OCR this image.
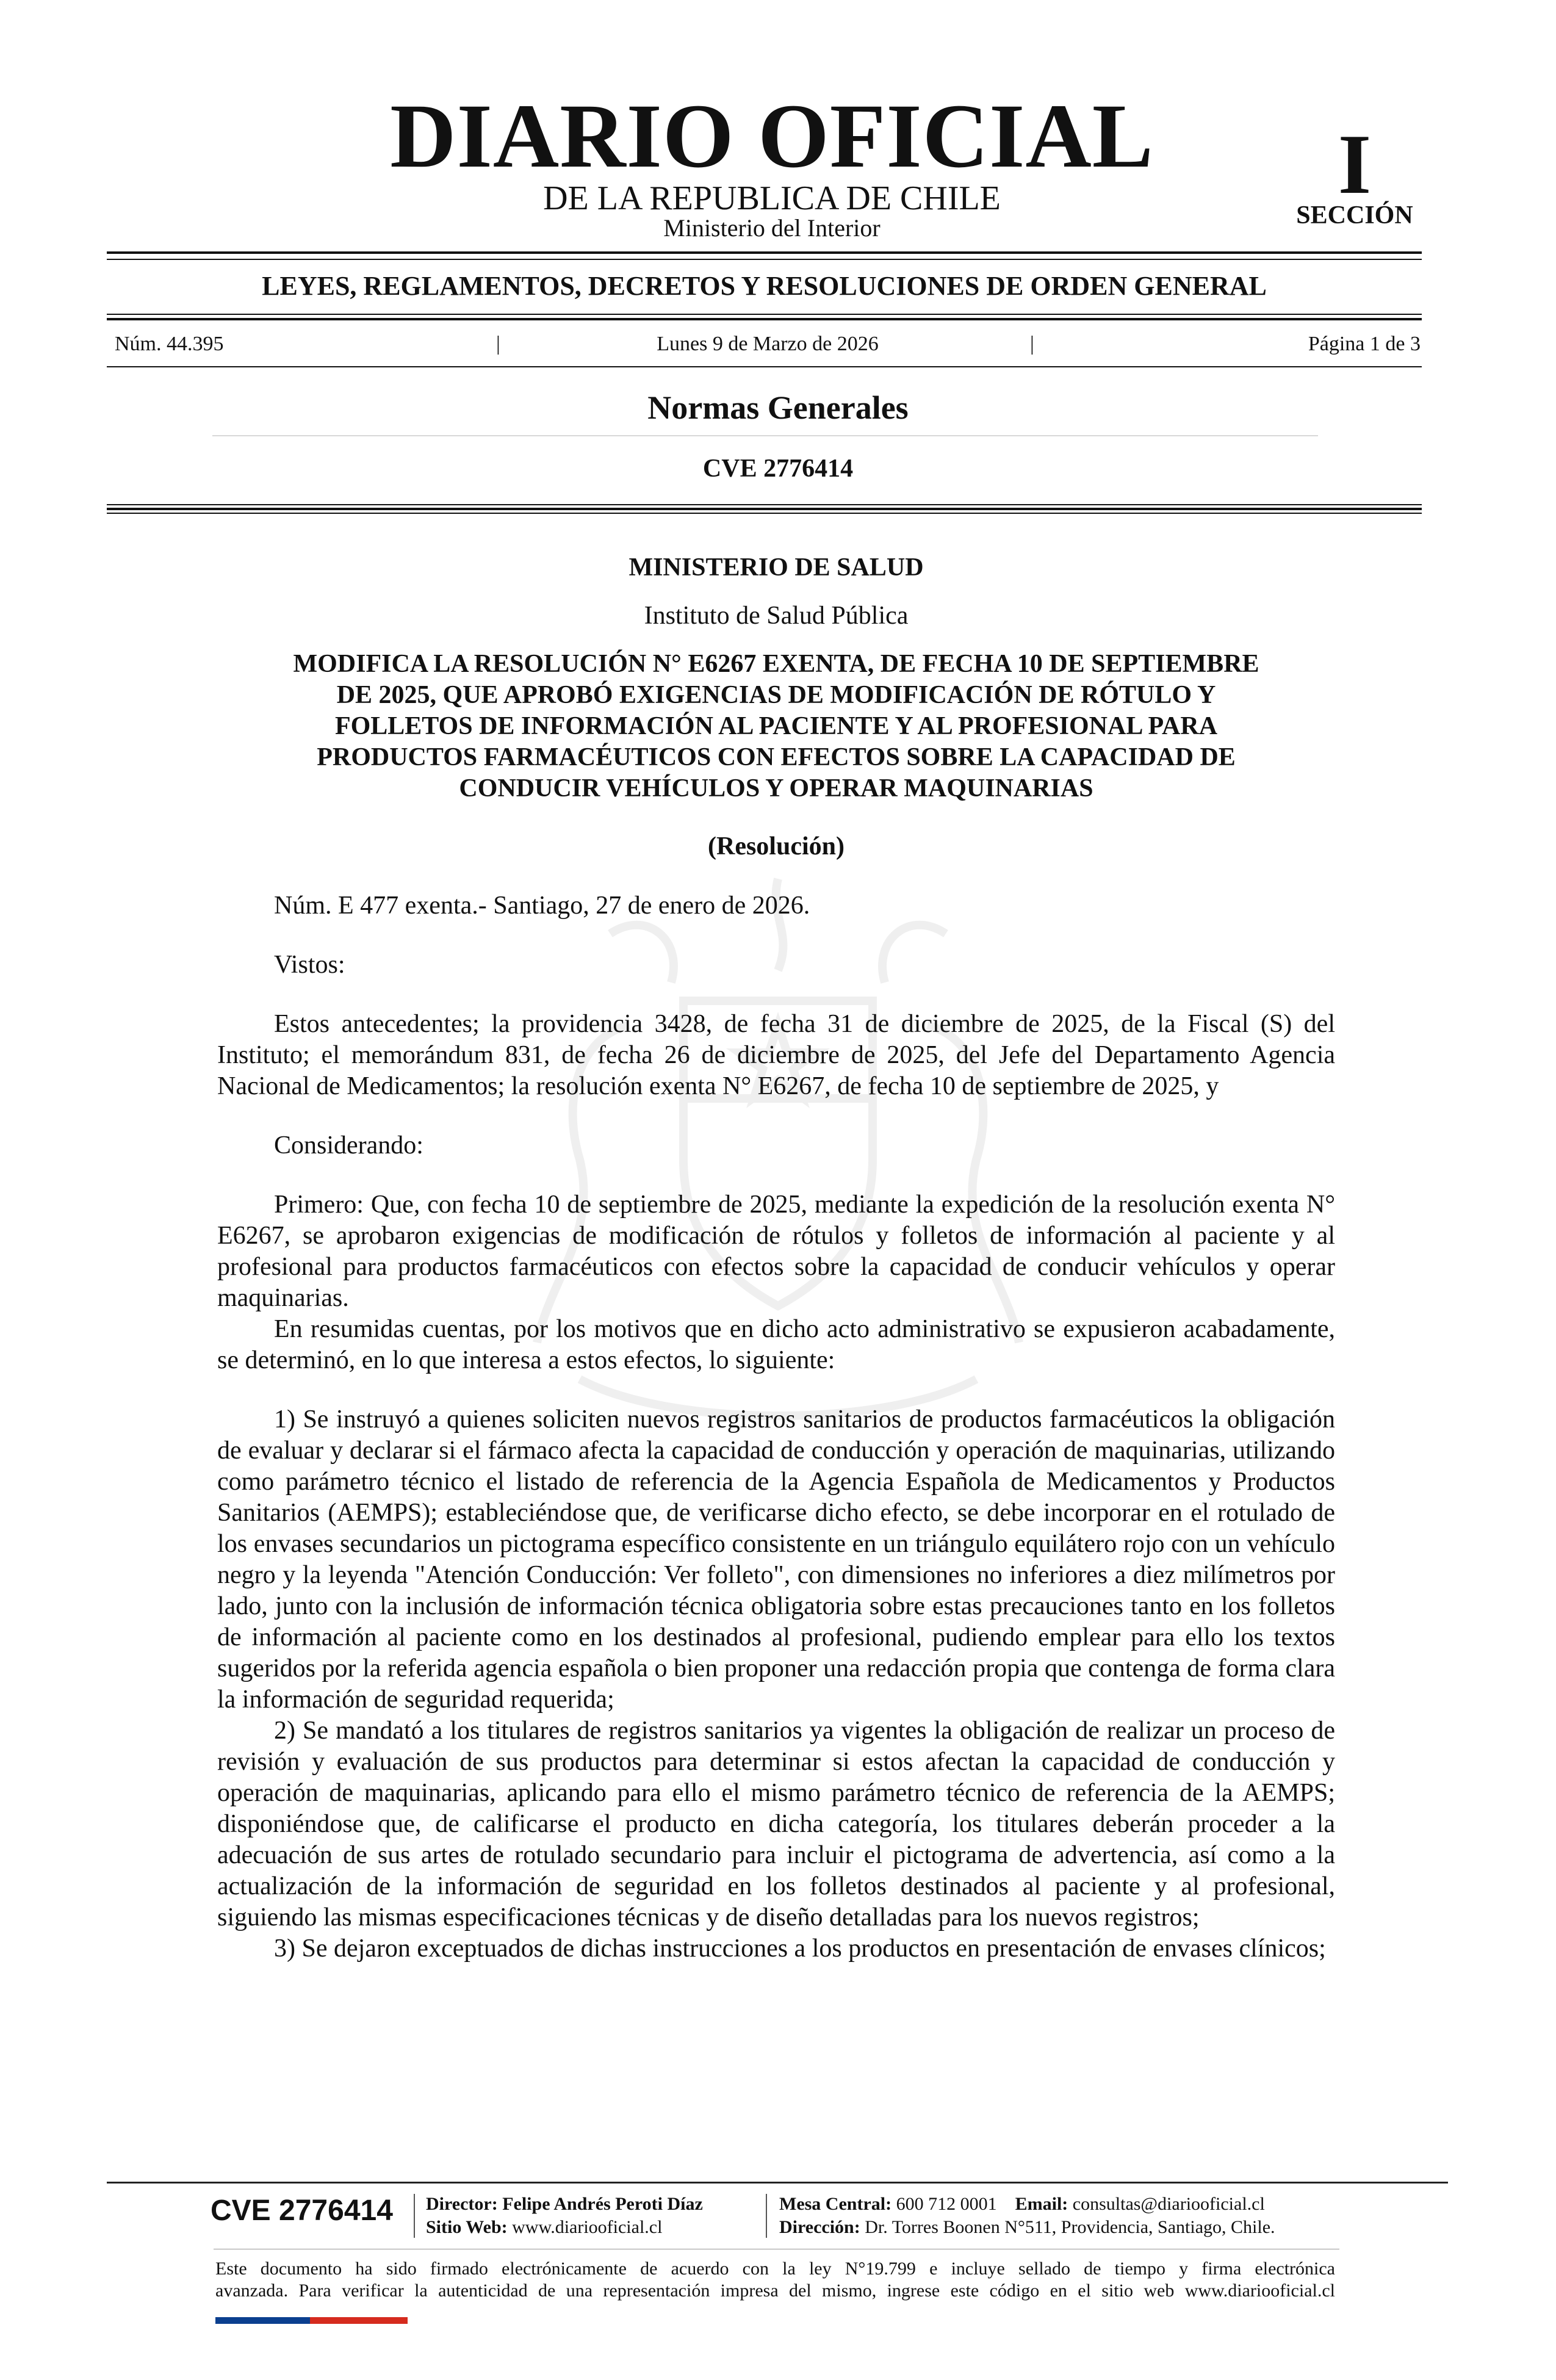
DIARIO OFICIAL
DE LA REPUBLICA DE CHILE
Ministerio del Interior
I
SECCIÓN
LEYES, REGLAMENTOS, DECRETOS Y RESOLUCIONES DE ORDEN GENERAL
Núm. 44.395	|	Lunes 9 de Marzo de 2026	|	Página 1 de 3
Normas Generales
CVE 2776414
MINISTERIO DE SALUD
Instituto de Salud Pública
MODIFICA LA RESOLUCIÓN N° E6267 EXENTA, DE FECHA 10 DE SEPTIEMBRE
DE 2025, QUE APROBÓ EXIGENCIAS DE MODIFICACIÓN DE RÓTULO Y
FOLLETOS DE INFORMACIÓN AL PACIENTE Y AL PROFESIONAL PARA
PRODUCTOS FARMACÉUTICOS CON EFECTOS SOBRE LA CAPACIDAD DE
CONDUCIR VEHÍCULOS Y OPERAR MAQUINARIAS
(Resolución)

Núm. E 477 exenta.- Santiago, 27 de enero de 2026.

Vistos:

Estos antecedentes; la providencia 3428, de fecha 31 de diciembre de 2025, de la Fiscal (S) del Instituto; el memorándum 831, de fecha 26 de diciembre de 2025, del Jefe del Departamento Agencia Nacional de Medicamentos; la resolución exenta N° E6267, de fecha 10 de septiembre de 2025, y

Considerando:

Primero: Que, con fecha 10 de septiembre de 2025, mediante la expedición de la resolución exenta N° E6267, se aprobaron exigencias de modificación de rótulos y folletos de información al paciente y al profesional para productos farmacéuticos con efectos sobre la capacidad de conducir vehículos y operar maquinarias.

En resumidas cuentas, por los motivos que en dicho acto administrativo se expusieron acabadamente, se determinó, en lo que interesa a estos efectos, lo siguiente:

1) Se instruyó a quienes soliciten nuevos registros sanitarios de productos farmacéuticos la obligación de evaluar y declarar si el fármaco afecta la capacidad de conducción y operación de maquinarias, utilizando como parámetro técnico el listado de referencia de la Agencia Española de Medicamentos y Productos Sanitarios (AEMPS); estableciéndose que, de verificarse dicho efecto, se debe incorporar en el rotulado de los envases secundarios un pictograma específico consistente en un triángulo equilátero rojo con un vehículo negro y la leyenda "Atención Conducción: Ver folleto", con dimensiones no inferiores a diez milímetros por lado, junto con la inclusión de información técnica obligatoria sobre estas precauciones tanto en los folletos de información al paciente como en los destinados al profesional, pudiendo emplear para ello los textos sugeridos por la referida agencia española o bien proponer una redacción propia que contenga de forma clara la información de seguridad requerida;

2) Se mandató a los titulares de registros sanitarios ya vigentes la obligación de realizar un proceso de revisión y evaluación de sus productos para determinar si estos afectan la capacidad de conducción y operación de maquinarias, aplicando para ello el mismo parámetro técnico de referencia de la AEMPS; disponiéndose que, de calificarse el producto en dicha categoría, los titulares deberán proceder a la adecuación de sus artes de rotulado secundario para incluir el pictograma de advertencia, así como a la actualización de la información de seguridad en los folletos destinados al paciente y al profesional, siguiendo las mismas especificaciones técnicas y de diseño detalladas para los nuevos registros;

3) Se dejaron exceptuados de dichas instrucciones a los productos en presentación de envases clínicos;

CVE 2776414 Director: Felipe Andrés Peroti Díaz
Sitio Web: www.diariooficial.cl
Mesa Central: 600 712 0001 Email: consultas@diariooficial.cl
Dirección: Dr. Torres Boonen N°511, Providencia, Santiago, Chile.
Este documento ha sido firmado electrónicamente de acuerdo con la ley N°19.799 e incluye sellado de tiempo y firma electrónica
avanzada. Para verificar la autenticidad de una representación impresa del mismo, ingrese este código en el sitio web www.diariooficial.cl
